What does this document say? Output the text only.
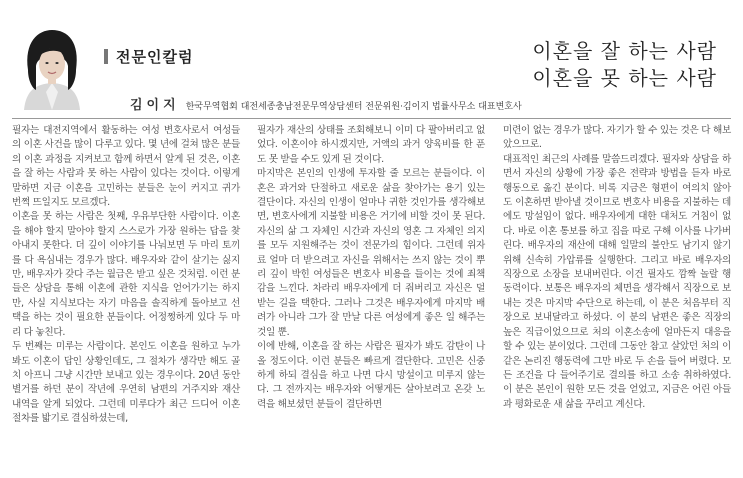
전문인칼럼
김이지 한국무역협회 대전세종충남전문무역상담센터 전문위원·김이지 법률사무소 대표변호사
이혼을 잘 하는 사람
이혼을 못 하는 사람

필자는 대전지역에서 활동하는 여성 변호사로서 여성들의 이혼 사건을 많이 다루고 있다. 몇 년에 걸쳐 많은 분들의 이혼 과정을 지켜보고 함께 하면서 알게 된 것은, 이혼을 잘 하는 사람과 못 하는 사람이 있다는 것이다. 이렇게 말하면 지금 이혼을 고민하는 분들은 눈이 커지고 귀가 번쩍 뜨일지도 모르겠다.

이혼을 못 하는 사람은 첫째, 우유부단한 사람이다. 이혼을 해야 할지 말아야 할지 스스로가 가장 원하는 답을 찾아내지 못한다. 더 깊이 이야기를 나눠보면 두 마리 토끼를 다 욕심내는 경우가 많다. 배우자와 같이 살기는 싫지만, 배우자가 갖다 주는 월급은 받고 싶은 것처럼. 이런 분들은 상담을 통해 이혼에 관한 지식을 얻어가기는 하지만, 사실 지식보다는 자기 마음을 솔직하게 돌아보고 선택을 하는 것이 필요한 분들이다. 어정쩡하게 있다 두 마리 다 놓친다.

두 번째는 미루는 사람이다. 본인도 이혼을 원하고 누가 봐도 이혼이 답인 상황인데도, 그 절차가 생각만 해도 골치 아프니 그냥 시간만 보내고 있는 경우이다. 20년 동안 별거를 하던 분이 작년에 우연히 남편의 거주지와 재산 내역을 알게 되었다. 그런데 미루다가 최근 드디어 이혼 절차를 밟기로 결심하셨는데,

필자가 재산의 상태를 조회해보니 이미 다 팔아버리고 없었다. 이혼이야 하시겠지만, 거액의 과거 양육비를 한 푼도 못 받을 수도 있게 된 것이다.

마지막은 본인의 인생에 투자할 줄 모르는 분들이다. 이혼은 과거와 단절하고 새로운 삶을 찾아가는 용기 있는 결단이다. 자신의 인생이 얼마나 귀한 것인가를 생각해보면, 변호사에게 지불할 비용은 거기에 비할 것이 못 된다. 자신의 삶 그 자체인 시간과 자신의 영혼 그 자체인 의지를 모두 지원해주는 것이 전문가의 힘이다. 그런데 위자료 얼마 더 받으려고 자신을 위해서는 쓰지 않는 것이 뿌리 깊이 박힌 여성들은 변호사 비용을 들이는 것에 죄책감을 느낀다. 차라리 배우자에게 더 줘버리고 자신은 덜 받는 길을 택한다. 그러나 그것은 배우자에게 마지막 배려가 아니라 그가 잘 만날 다른 여성에게 좋은 일 해주는 것일 뿐.

이에 반해, 이혼을 잘 하는 사람은 필자가 봐도 감탄이 나올 정도이다. 이런 분들은 빠르게 결단한다. 고민은 신중하게 하되 결심을 하고 나면 다시 망설이고 미루지 않는다. 그 전까지는 배우자와 어떻게든 살아보려고 온갖 노력을 해보셨던 분들이 결단하면

미련이 없는 경우가 많다. 자기가 할 수 있는 것은 다 해보았으므로.

대표적인 최근의 사례를 말씀드리겠다. 필자와 상담을 하면서 자신의 상황에 가장 좋은 전략과 방법을 듣자 바로 행동으로 옮긴 분이다. 비록 지금은 형편이 여의치 않아도 이혼하면 받아낼 것이므로 변호사 비용을 지불하는 데에도 망설임이 없다. 배우자에게 대한 대처도 거침이 없다. 바로 이혼 통보를 하고 집을 따로 구해 이사를 나가버린다. 배우자의 재산에 대해 일말의 불안도 남기지 않기 위해 신속히 가압류를 실행한다. 그리고 바로 배우자의 직장으로 소장을 보내버린다. 이건 필자도 깜짝 놀랄 행동력이다. 보통은 배우자의 체면을 생각해서 직장으로 보내는 것은 마지막 수단으로 하는데, 이 분은 처음부터 직장으로 보내달라고 하셨다. 이 분의 남편은 좋은 직장의 높은 직급이었으므로 처의 이혼소송에 얼마든지 대응을 할 수 있는 분이었다. 그런데 그동안 참고 살았던 처의 이 같은 논리진 행동력에 그만 바로 두 손을 들어 버렸다. 모든 조건을 다 들어주기로 결의를 하고 소송 취하하였다. 이 분은 본인이 원한 모든 것을 얻었고, 지금은 어린 아들과 평화로운 새 삶을 꾸리고 계신다.
